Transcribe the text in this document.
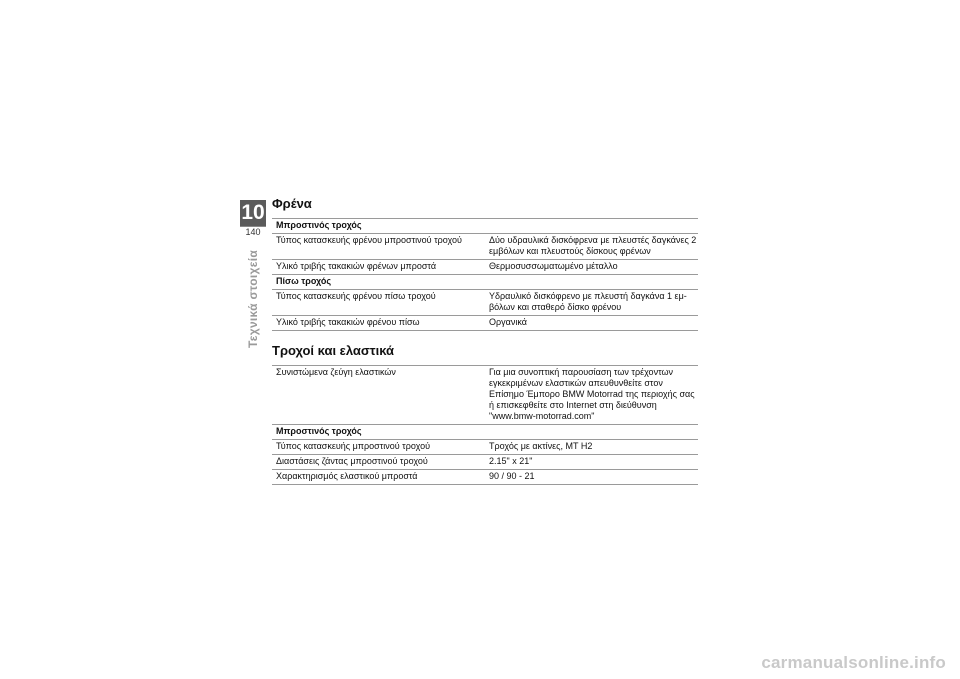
10
140
Τεχνικά στοιχεία
Φρένα
Μπροστινός τροχός	
Τύπος κατασκευής φρένου μπροστινού τροχού	Δύο υδραυλικά δισκόφρενα με πλευστές δαγκάνες 2 εμβόλων και πλευστούς δίσκους φρένων
Υλικό τριβής τακακιών φρένων μπροστά	Θερμοσυσσωματωμένο μέταλλο
Πίσω τροχός	
Τύπος κατασκευής φρένου πίσω τροχού	Υδραυλικό δισκόφρενο με πλευστή δαγκάνα 1 εμ-βόλων και σταθερό δίσκο φρένου
Υλικό τριβής τακακιών φρένου πίσω	Οργανικά
Τροχοί και ελαστικά
Συνιστώμενα ζεύγη ελαστικών	Για μια συνοπτική παρουσίαση των τρέχοντων εγκεκριμένων ελαστικών απευθυνθείτε στον Επίσημο Έμπορο BMW Motorrad της περιοχής σας ή επισκεφθείτε στο Internet στη διεύθυνση "www.bmw-motorrad.com"
Μπροστινός τροχός	
Τύπος κατασκευής μπροστινού τροχού	Τροχός με ακτίνες, MT H2
Διαστάσεις ζάντας μπροστινού τροχού	2.15" x 21"
Χαρακτηρισμός ελαστικού μπροστά	90 / 90 - 21
carmanualsonline.info
